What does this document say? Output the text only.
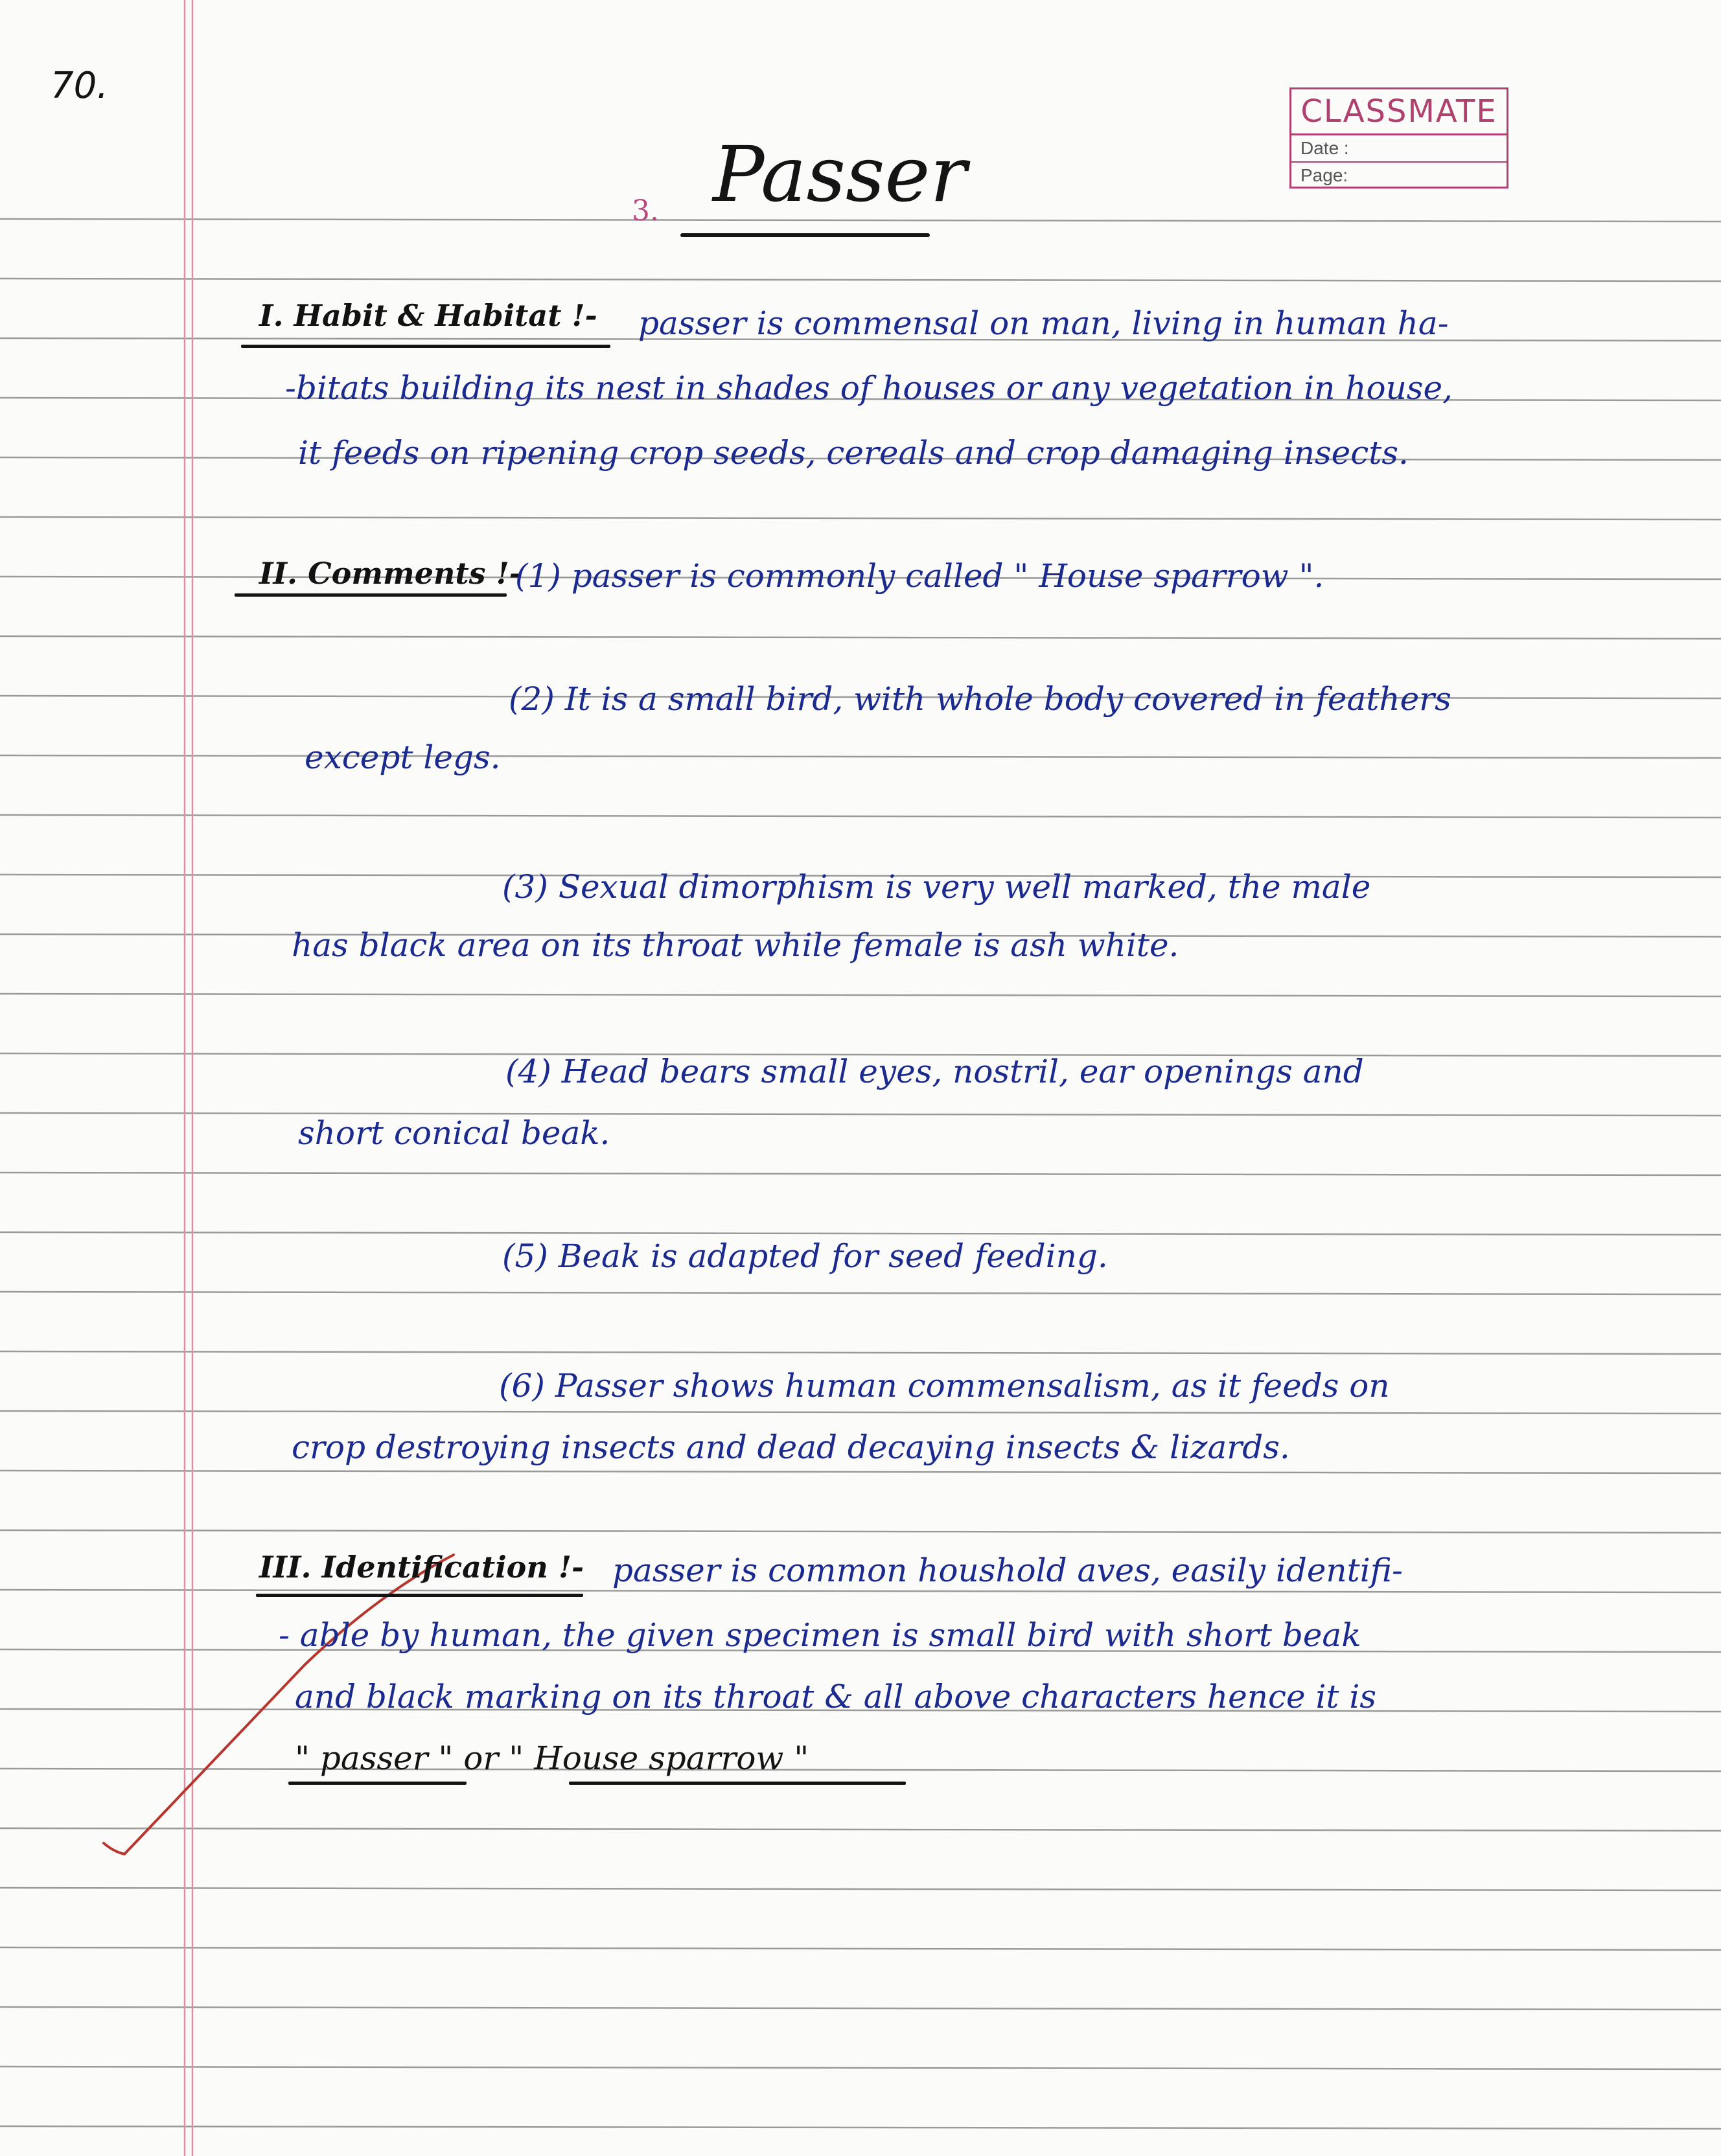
70.
CLASSMATE
Date :
Page:
3. Passer
I. Habit & Habitat !- passer is commensal on man, living in human ha-
-bitats building its nest in shades of houses or any vegetation in house,
it feeds on ripening crop seeds, cereals and crop damaging insects.
II. Comments !-
(1) passer is commonly called " House sparrow ".
(2) It is a small bird, with whole body covered in feathers
except legs.
(3) Sexual dimorphism is very well marked, the male
has black area on its throat while female is ash white.
(4) Head bears small eyes, nostril, ear openings and
short conical beak.
(5) Beak is adapted for seed feeding.
(6) Passer shows human commensalism, as it feeds on
crop destroying insects and dead decaying insects & lizards.
III. Identification !- passer is common houshold aves, easily identifi-
- able by human, the given specimen is small bird with short beak
and black marking on its throat & all above characters hence it is
" passer " or " House sparrow "
